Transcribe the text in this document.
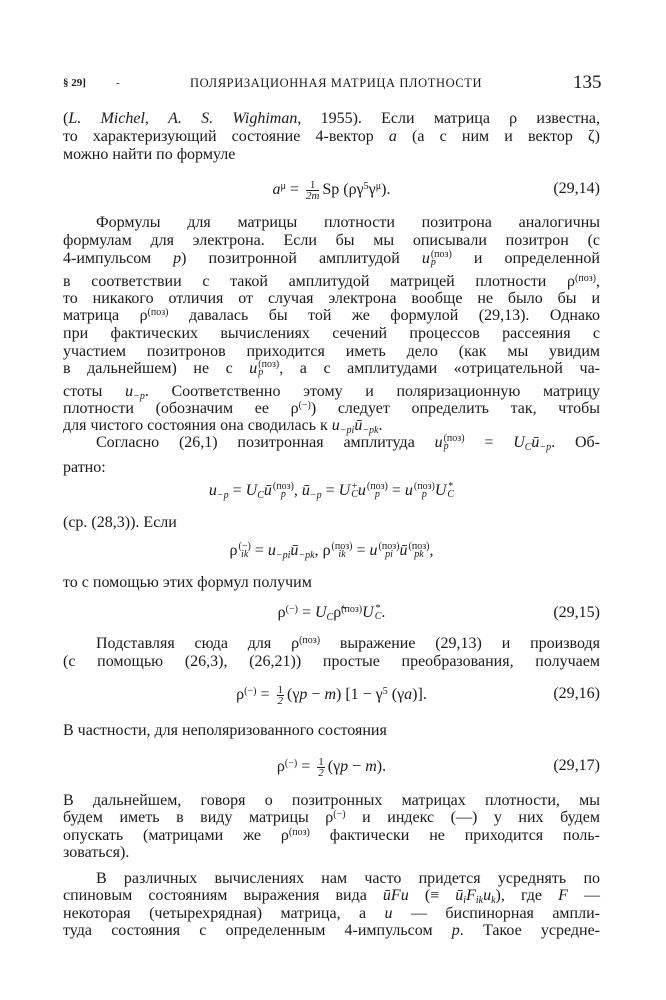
§ 29]	-	ПОЛЯРИЗАЦИОННАЯ МАТРИЦА ПЛОТНОСТИ	135
(L. Michel, A. S. Wighiman, 1955). Если матрица ρ известна,
то характеризующий состояние 4-вектор a (а с ним и вектор ζ)
можно найти по формуле
$a^\mu = \frac{1}{2m}$ Sp $(\rho\gamma^5\gamma^\mu)$.	(29,14)
Формулы для матрицы плотности позитрона аналогичны
формулам для электрона. Если бы мы описывали позитрон (с
4-импульсом p) позитронной амплитудой u (поз)
p и определенной
в соответствии с такой амплитудой матрицей плотности $\rho^{(поз)}$,
то никакого отличия от случая электрона вообще не было бы и
матрица $\rho^{(поз)}$ давалась бы той же формулой (29,13). Однако
при фактических вычислениях сечений процессов рассеяния с
участием позитронов приходится иметь дело (как мы увидим
в дальнейшем) не с u (поз)
p , а с амплитудами «отрицательной ча-
стоты u−p. Соответственно этому и поляризационную матрицу
плотности (обозначим ее ρ(−)) следует определить так, чтобы
для чистого состояния она сводилась к u−piū−pk.
Согласно (26,1) позитронная амплитуда u (поз)
p = UCū−p. Об-
ратно:
u−p = UCū (поз)
p , ū−p = U +
C u (поз)
p = u (поз)
p U *
C
(ср. (28,3)). Если
ρ (−)
ik = u−piū−pk, ρ (поз)
ik = u (поз)
pi ū (поз)
pk ,
то с помощью этих формул получим
ρ(−) = UCρ̃$^{(поз)}$U *
C .	(29,15)
Подставляя сюда для $\rho^{(поз)}$ выражение (29,13) и производя
(с помощью (26,3), (26,21)) простые преобразования, получаем
$\rho^{(-)} = \frac{1}{2} (\gamma p - m) [1 - \gamma^5$ (γa)].	(29,16)
В частности, для неполяризованного состояния
$\rho^{(-)} = \frac{1}{2} (\gamma p - m)$.	(29,17)
В дальнейшем, говоря о позитронных матрицах плотности, мы
будем иметь в виду матрицы ρ(−) и индекс (—) у них будем
опускать (матрицами же $\rho^{(поз)}$ фактически не приходится поль-
зоваться).
В различных вычислениях нам часто придется усреднять по
спиновым состояниям выражения вида ūFu (≡ ūiFikuk), где F —
некоторая (четырехрядная) матрица, а u — биспинорная ампли-
туда состояния с определенным 4-импульсом p. Такое усредне-
